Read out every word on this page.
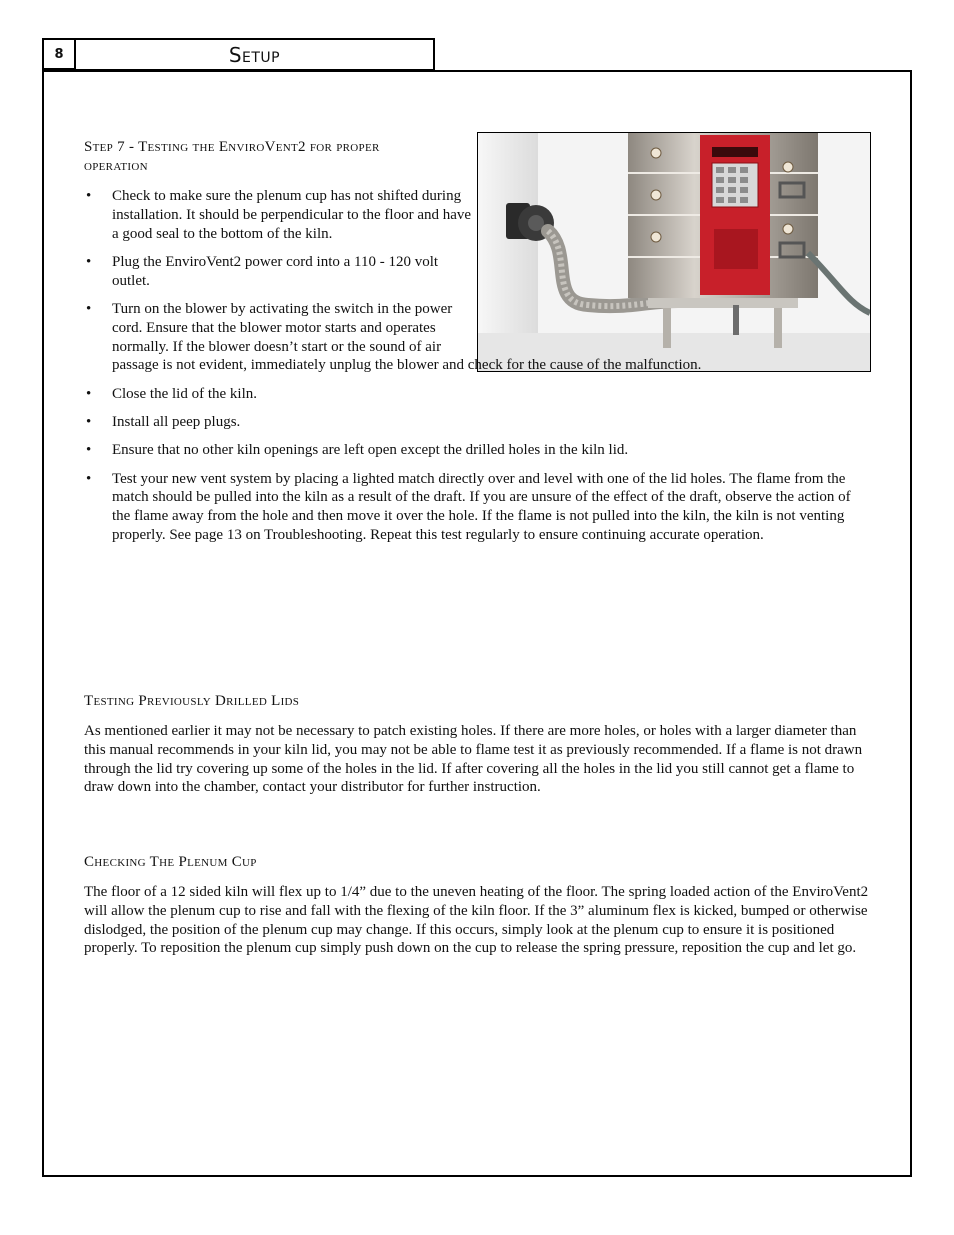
8	Setup

Step 7 - Testing the EnviroVent2 for proper

operation

• Check to make sure the plenum cup has not shifted during installation. It should be perpendicular to the floor and have a good seal to the bottom of the kiln.
• Plug the EnviroVent2 power cord into a 110 - 120 volt outlet.
• Turn on the blower by activating the switch in the power cord. Ensure that the blower motor starts and operates normally. If the blower doesn’t start or the sound of air passage is not evident, immediately unplug the blower and check for the cause of the malfunction.
• Close the lid of the kiln.
• Install all peep plugs.
• Ensure that no other kiln openings are left open except the drilled holes in the kiln lid.
• Test your new vent system by placing a lighted match directly over and level with one of the lid holes. The flame from the match should be pulled into the kiln as a result of the draft. If you are unsure of the effect of the draft, observe the action of the flame away from the hole and then move it over the hole. If the flame is not pulled into the kiln, the kiln is not venting properly. See page 13 on Troubleshooting. Repeat this test regularly to ensure continuing accurate operation.

Testing Previously Drilled Lids

As mentioned earlier it may not be necessary to patch existing holes. If there are more holes, or holes with a larger diameter than this manual recommends in your kiln lid, you may not be able to flame test it as previously recommended. If a flame is not drawn through the lid try covering up some of the holes in the lid. If after covering all the holes in the lid you still cannot get a flame to draw down into the chamber, contact your distributor for further instruction.

Checking The Plenum Cup

The floor of a 12 sided kiln will flex up to 1/4” due to the uneven heating of the floor. The spring loaded action of the EnviroVent2 will allow the plenum cup to rise and fall with the flexing of the kiln floor. If the 3” aluminum flex is kicked, bumped or otherwise dislodged, the position of the plenum cup may change. If this occurs, simply look at the plenum cup to ensure it is positioned properly. To reposition the plenum cup simply push down on the cup to release the spring pressure, reposition the cup and let go.
